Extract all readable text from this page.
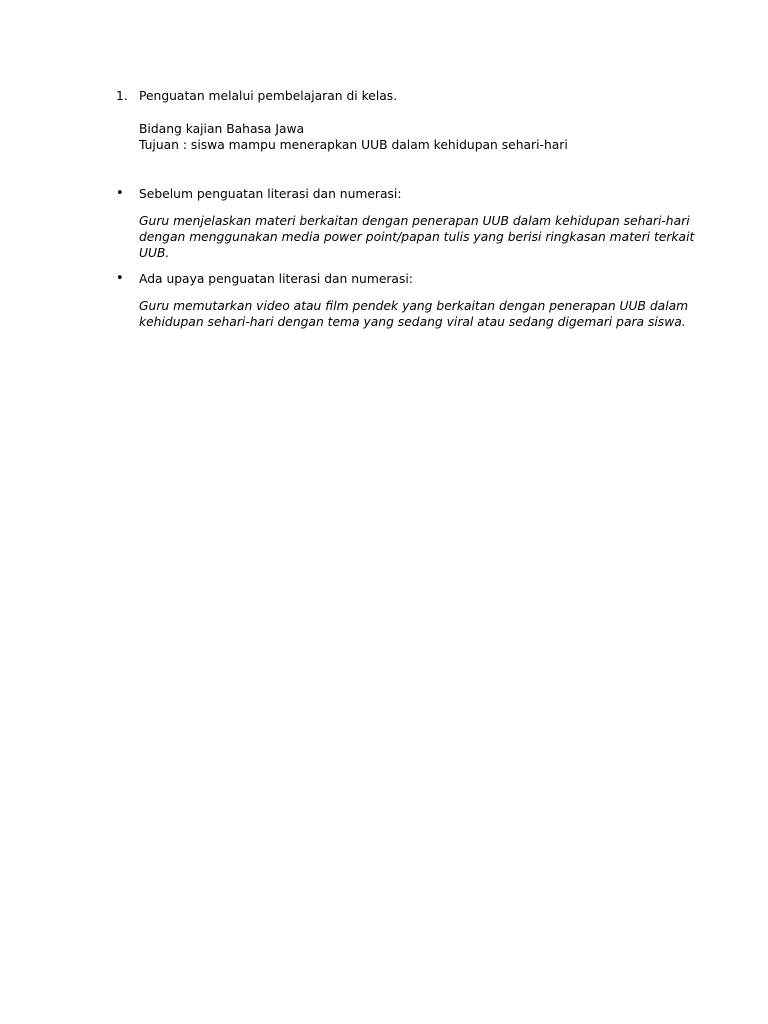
1. Penguatan melalui pembelajaran di kelas.
Bidang kajian Bahasa Jawa
Tujuan : siswa mampu menerapkan UUB dalam kehidupan sehari-hari
• Sebelum penguatan literasi dan numerasi:
Guru menjelaskan materi berkaitan dengan penerapan UUB dalam kehidupan sehari-hari
dengan menggunakan media power point/papan tulis yang berisi ringkasan materi terkait
UUB.
• Ada upaya penguatan literasi dan numerasi:
Guru memutarkan video atau film pendek yang berkaitan dengan penerapan UUB dalam
kehidupan sehari-hari dengan tema yang sedang viral atau sedang digemari para siswa.
